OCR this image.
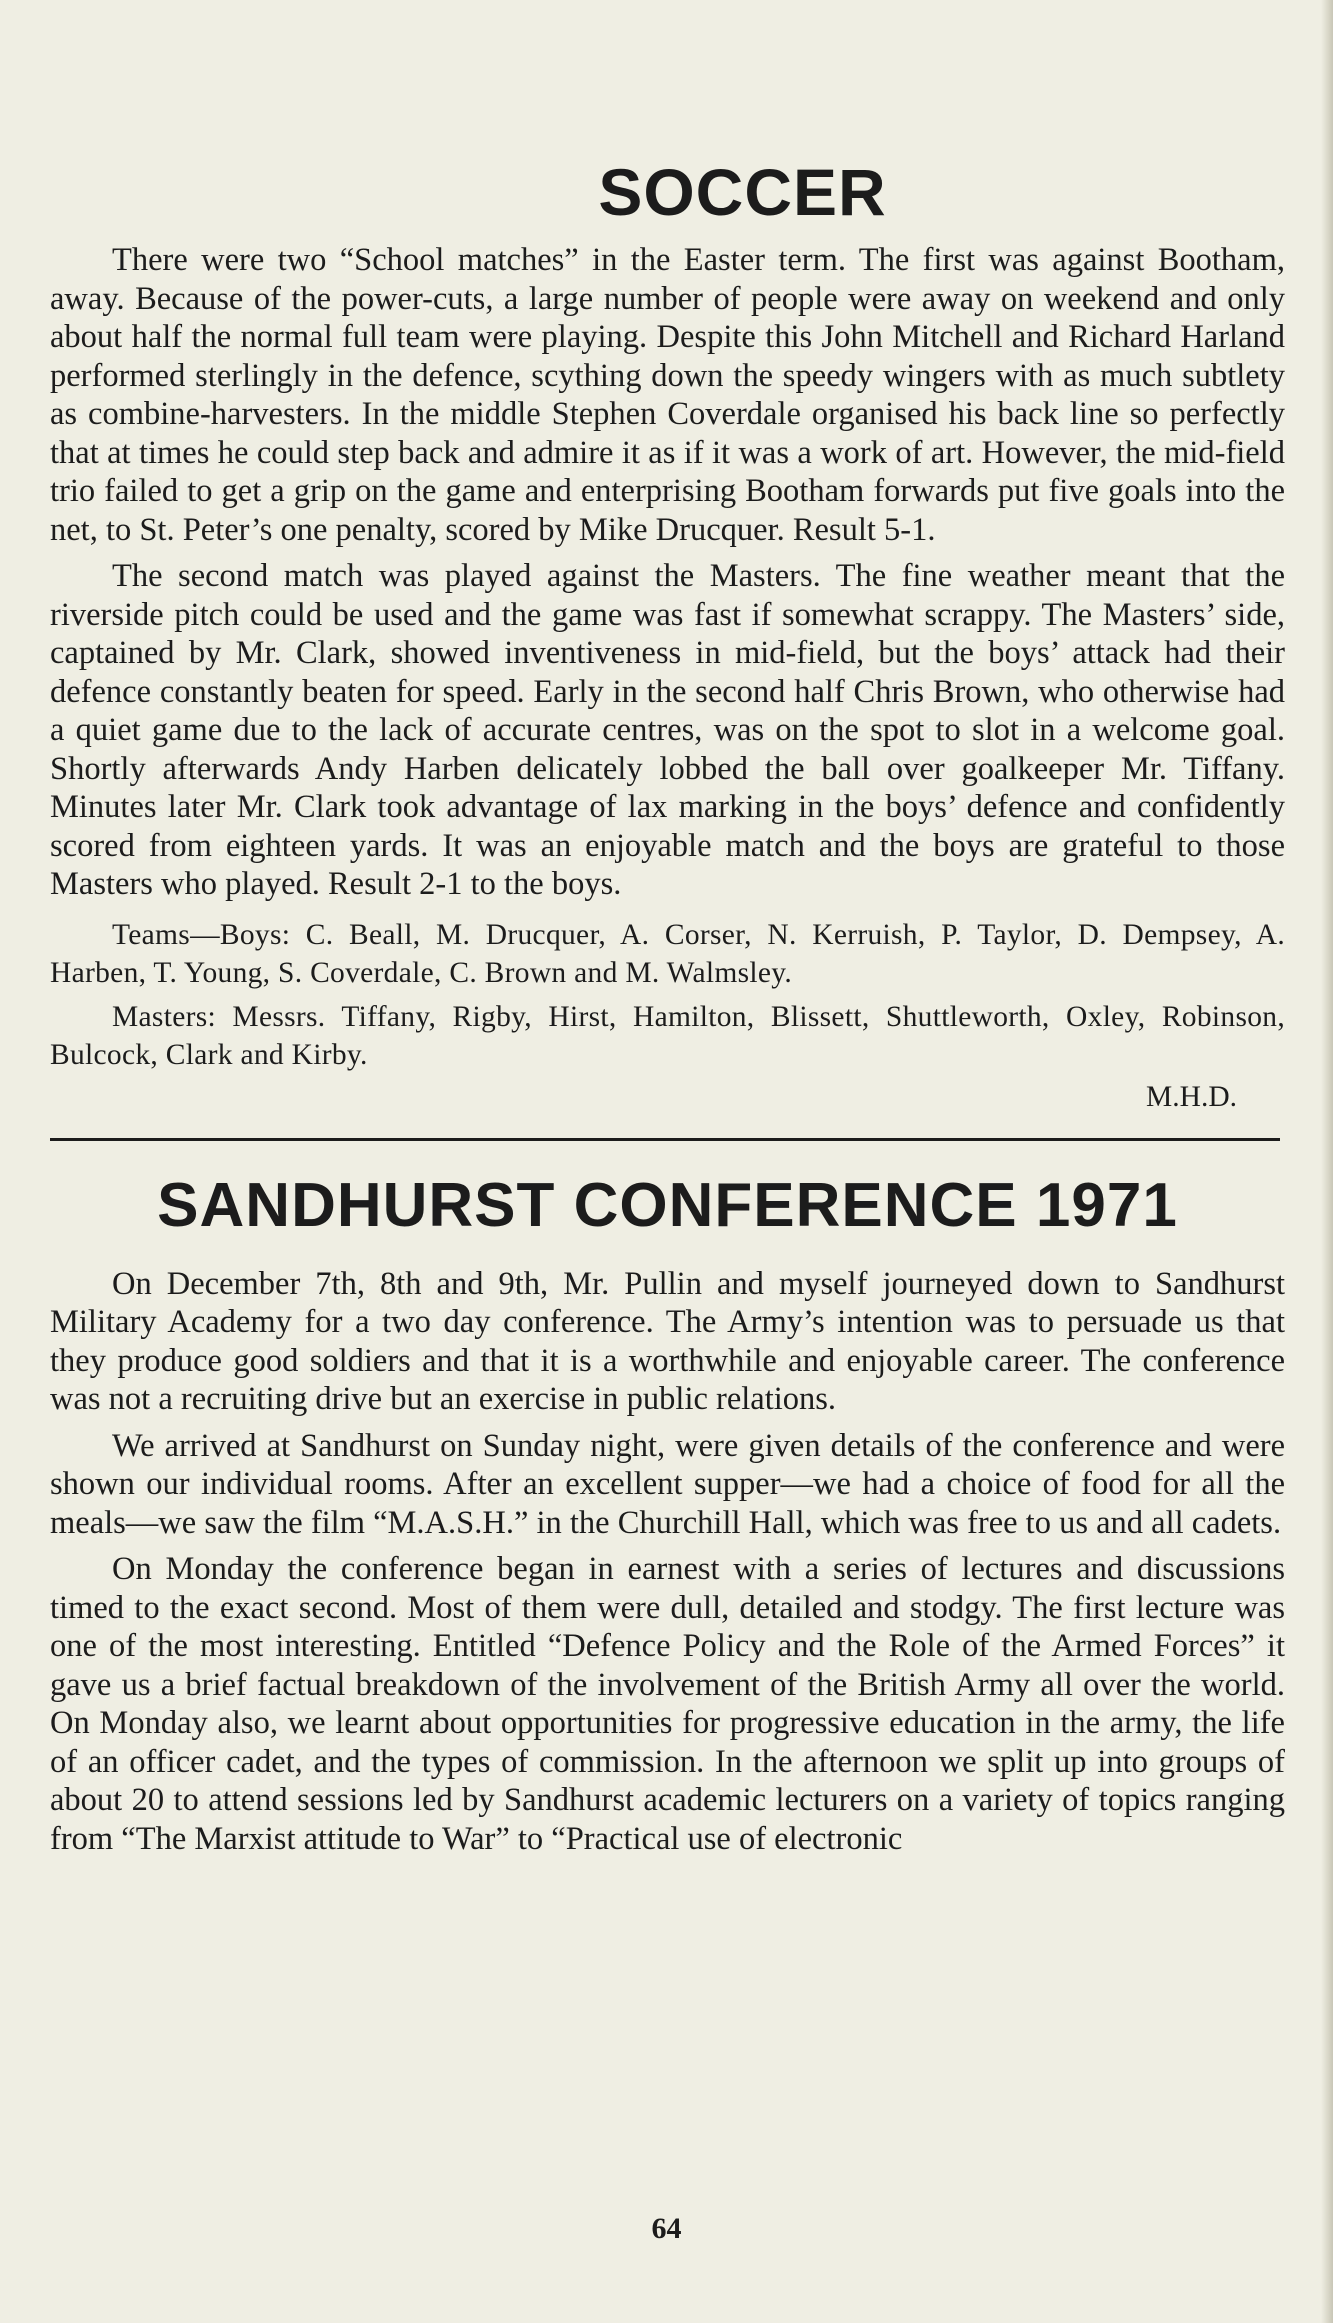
SOCCER

There were two “School matches” in the Easter term. The first was against Bootham, away. Because of the power-cuts, a large number of people were away on weekend and only about half the normal full team were playing. Despite this John Mitchell and Richard Harland performed sterlingly in the defence, scything down the speedy wingers with as much subtlety as combine-harvesters. In the middle Stephen Coverdale organised his back line so perfectly that at times he could step back and admire it as if it was a work of art. However, the mid-field trio failed to get a grip on the game and enterprising Bootham forwards put five goals into the net, to St. Peter’s one penalty, scored by Mike Drucquer. Result 5-1.

The second match was played against the Masters. The fine weather meant that the riverside pitch could be used and the game was fast if somewhat scrappy. The Masters’ side, captained by Mr. Clark, showed inventiveness in mid-field, but the boys’ attack had their defence constantly beaten for speed. Early in the second half Chris Brown, who otherwise had a quiet game due to the lack of accurate centres, was on the spot to slot in a welcome goal. Shortly afterwards Andy Harben delicately lobbed the ball over goalkeeper Mr. Tiffany. Minutes later Mr. Clark took advantage of lax marking in the boys’ defence and confidently scored from eighteen yards. It was an enjoyable match and the boys are grateful to those Masters who played. Result 2-1 to the boys.

Teams—Boys: C. Beall, M. Drucquer, A. Corser, N. Kerruish, P. Taylor, D. Dempsey, A. Harben, T. Young, S. Coverdale, C. Brown and M. Walmsley.

Masters: Messrs. Tiffany, Rigby, Hirst, Hamilton, Blissett, Shuttleworth, Oxley, Robinson, Bulcock, Clark and Kirby.

M.H.D.
SANDHURST CONFERENCE 1971

On December 7th, 8th and 9th, Mr. Pullin and myself journeyed down to Sandhurst Military Academy for a two day conference. The Army’s intention was to persuade us that they produce good soldiers and that it is a worthwhile and enjoyable career. The conference was not a recruiting drive but an exercise in public relations.

We arrived at Sandhurst on Sunday night, were given details of the conference and were shown our individual rooms. After an excellent supper—we had a choice of food for all the meals—we saw the film “M.A.S.H.” in the Churchill Hall, which was free to us and all cadets.

On Monday the conference began in earnest with a series of lectures and discussions timed to the exact second. Most of them were dull, detailed and stodgy. The first lecture was one of the most interesting. Entitled “Defence Policy and the Role of the Armed Forces” it gave us a brief factual breakdown of the involvement of the British Army all over the world. On Monday also, we learnt about opportunities for progressive education in the army, the life of an officer cadet, and the types of commission. In the afternoon we split up into groups of about 20 to attend sessions led by Sandhurst academic lecturers on a variety of topics ranging from “The Marxist attitude to War” to “Practical use of electronic

64
